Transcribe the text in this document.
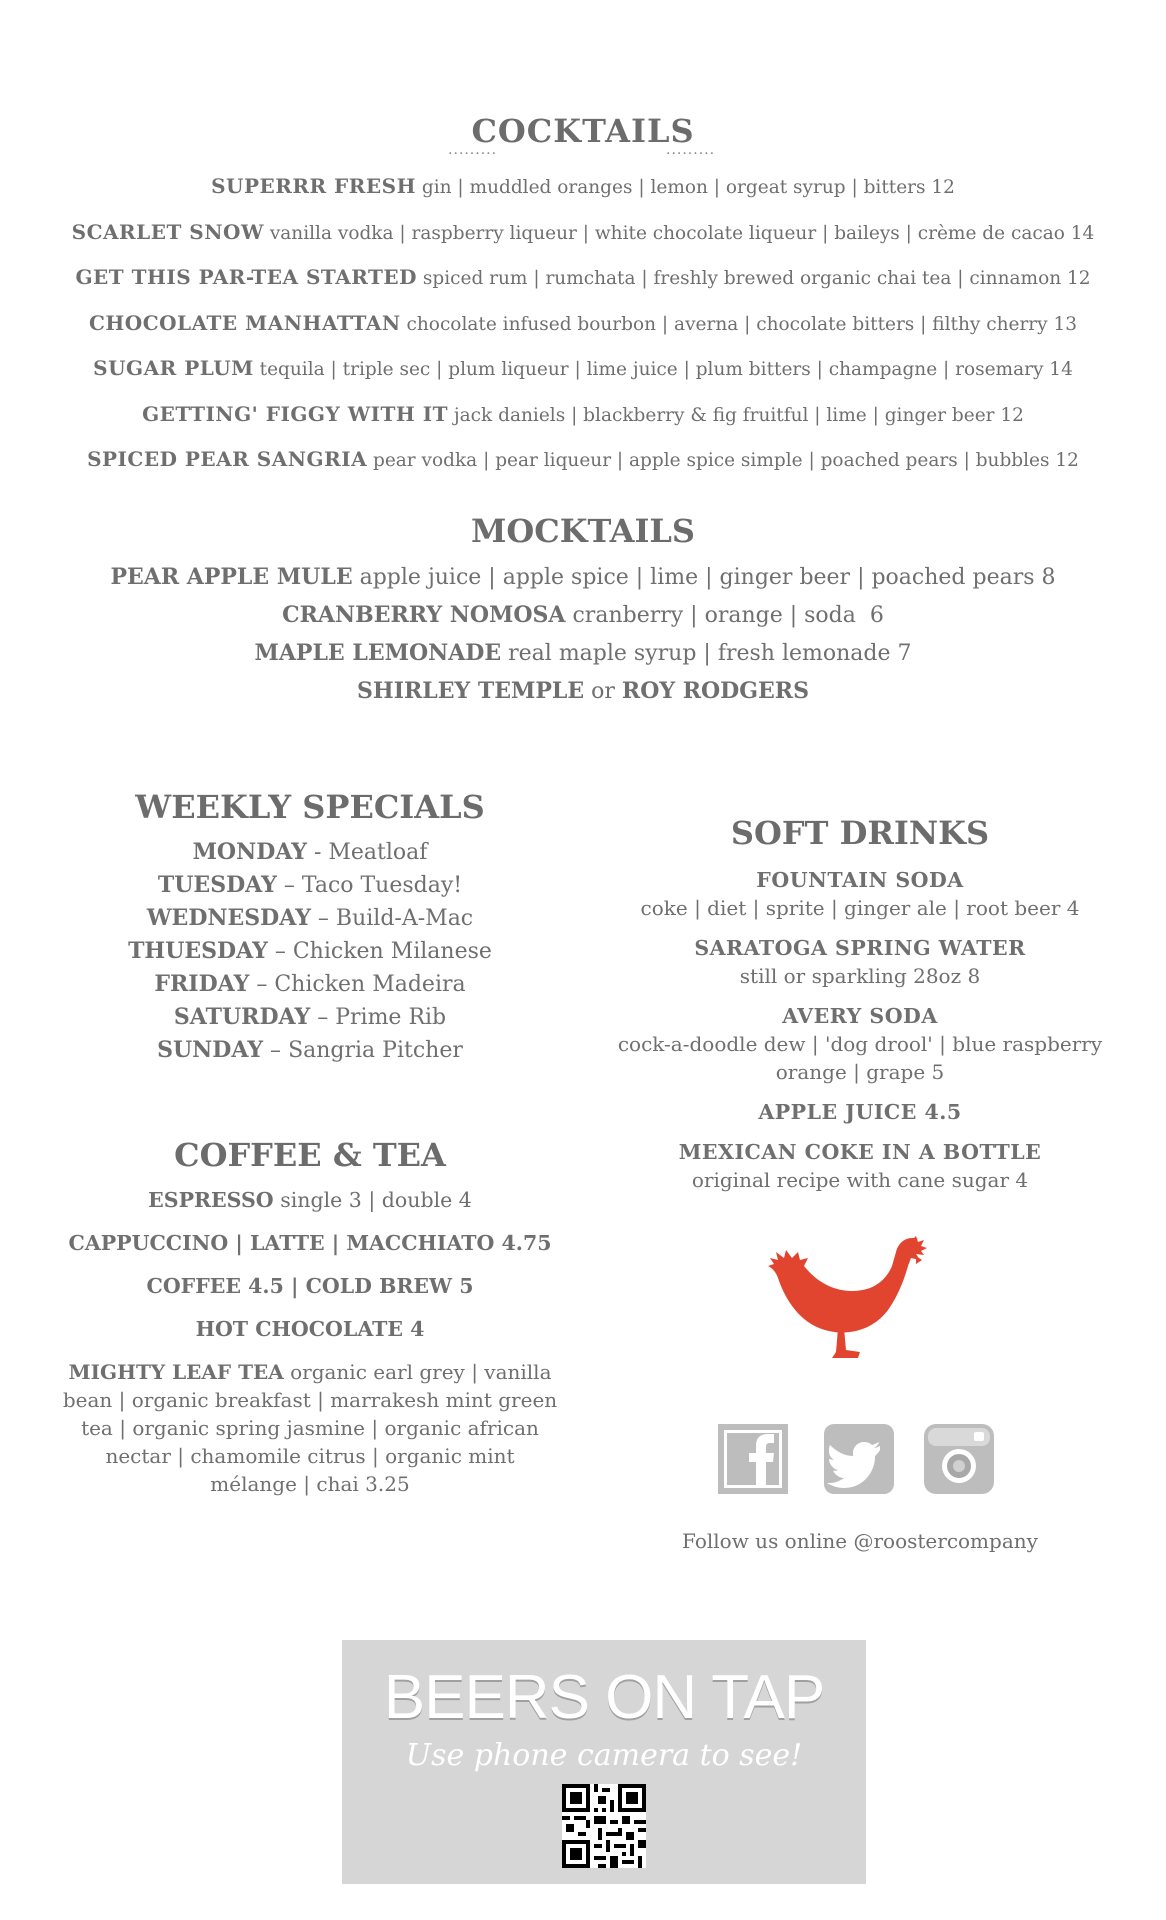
COCKTAILS
.........	.........
SUPERRR FRESH gin | muddled oranges | lemon | orgeat syrup | bitters 12
SCARLET SNOW vanilla vodka | raspberry liqueur | white chocolate liqueur | baileys | crème de cacao 14
GET THIS PAR-TEA STARTED spiced rum | rumchata | freshly brewed organic chai tea | cinnamon 12
CHOCOLATE MANHATTAN chocolate infused bourbon | averna | chocolate bitters | filthy cherry 13
SUGAR PLUM tequila | triple sec | plum liqueur | lime juice | plum bitters | champagne | rosemary 14
GETTING' FIGGY WITH IT jack daniels | blackberry & fig fruitful | lime | ginger beer 12
SPICED PEAR SANGRIA pear vodka | pear liqueur | apple spice simple | poached pears | bubbles 12
MOCKTAILS
PEAR APPLE MULE apple juice | apple spice | lime | ginger beer | poached pears 8
CRANBERRY NOMOSA cranberry | orange | soda  6
MAPLE LEMONADE real maple syrup | fresh lemonade 7
SHIRLEY TEMPLE or ROY RODGERS
WEEKLY SPECIALS
MONDAY - Meatloaf
TUESDAY – Taco Tuesday!
WEDNESDAY – Build-A-Mac
THUESDAY – Chicken Milanese
FRIDAY – Chicken Madeira
SATURDAY – Prime Rib
SUNDAY – Sangria Pitcher
COFFEE & TEA
ESPRESSO single 3 | double 4
CAPPUCCINO | LATTE | MACCHIATO 4.75
COFFEE 4.5 | COLD BREW 5
HOT CHOCOLATE 4
MIGHTY LEAF TEA organic earl grey | vanilla bean | organic breakfast | marrakesh mint green tea | organic spring jasmine | organic african nectar | chamomile citrus | organic mint mélange | chai 3.25
SOFT DRINKS
FOUNTAIN SODA
coke | diet | sprite | ginger ale | root beer 4
SARATOGA SPRING WATER
still or sparkling 28oz 8
AVERY SODA
cock-a-doodle dew | 'dog drool' | blue raspberry orange | grape 5
APPLE JUICE 4.5
MEXICAN COKE IN A BOTTLE
original recipe with cane sugar 4
Follow us online @roostercompany
BEERS ON TAP
Use phone camera to see!
